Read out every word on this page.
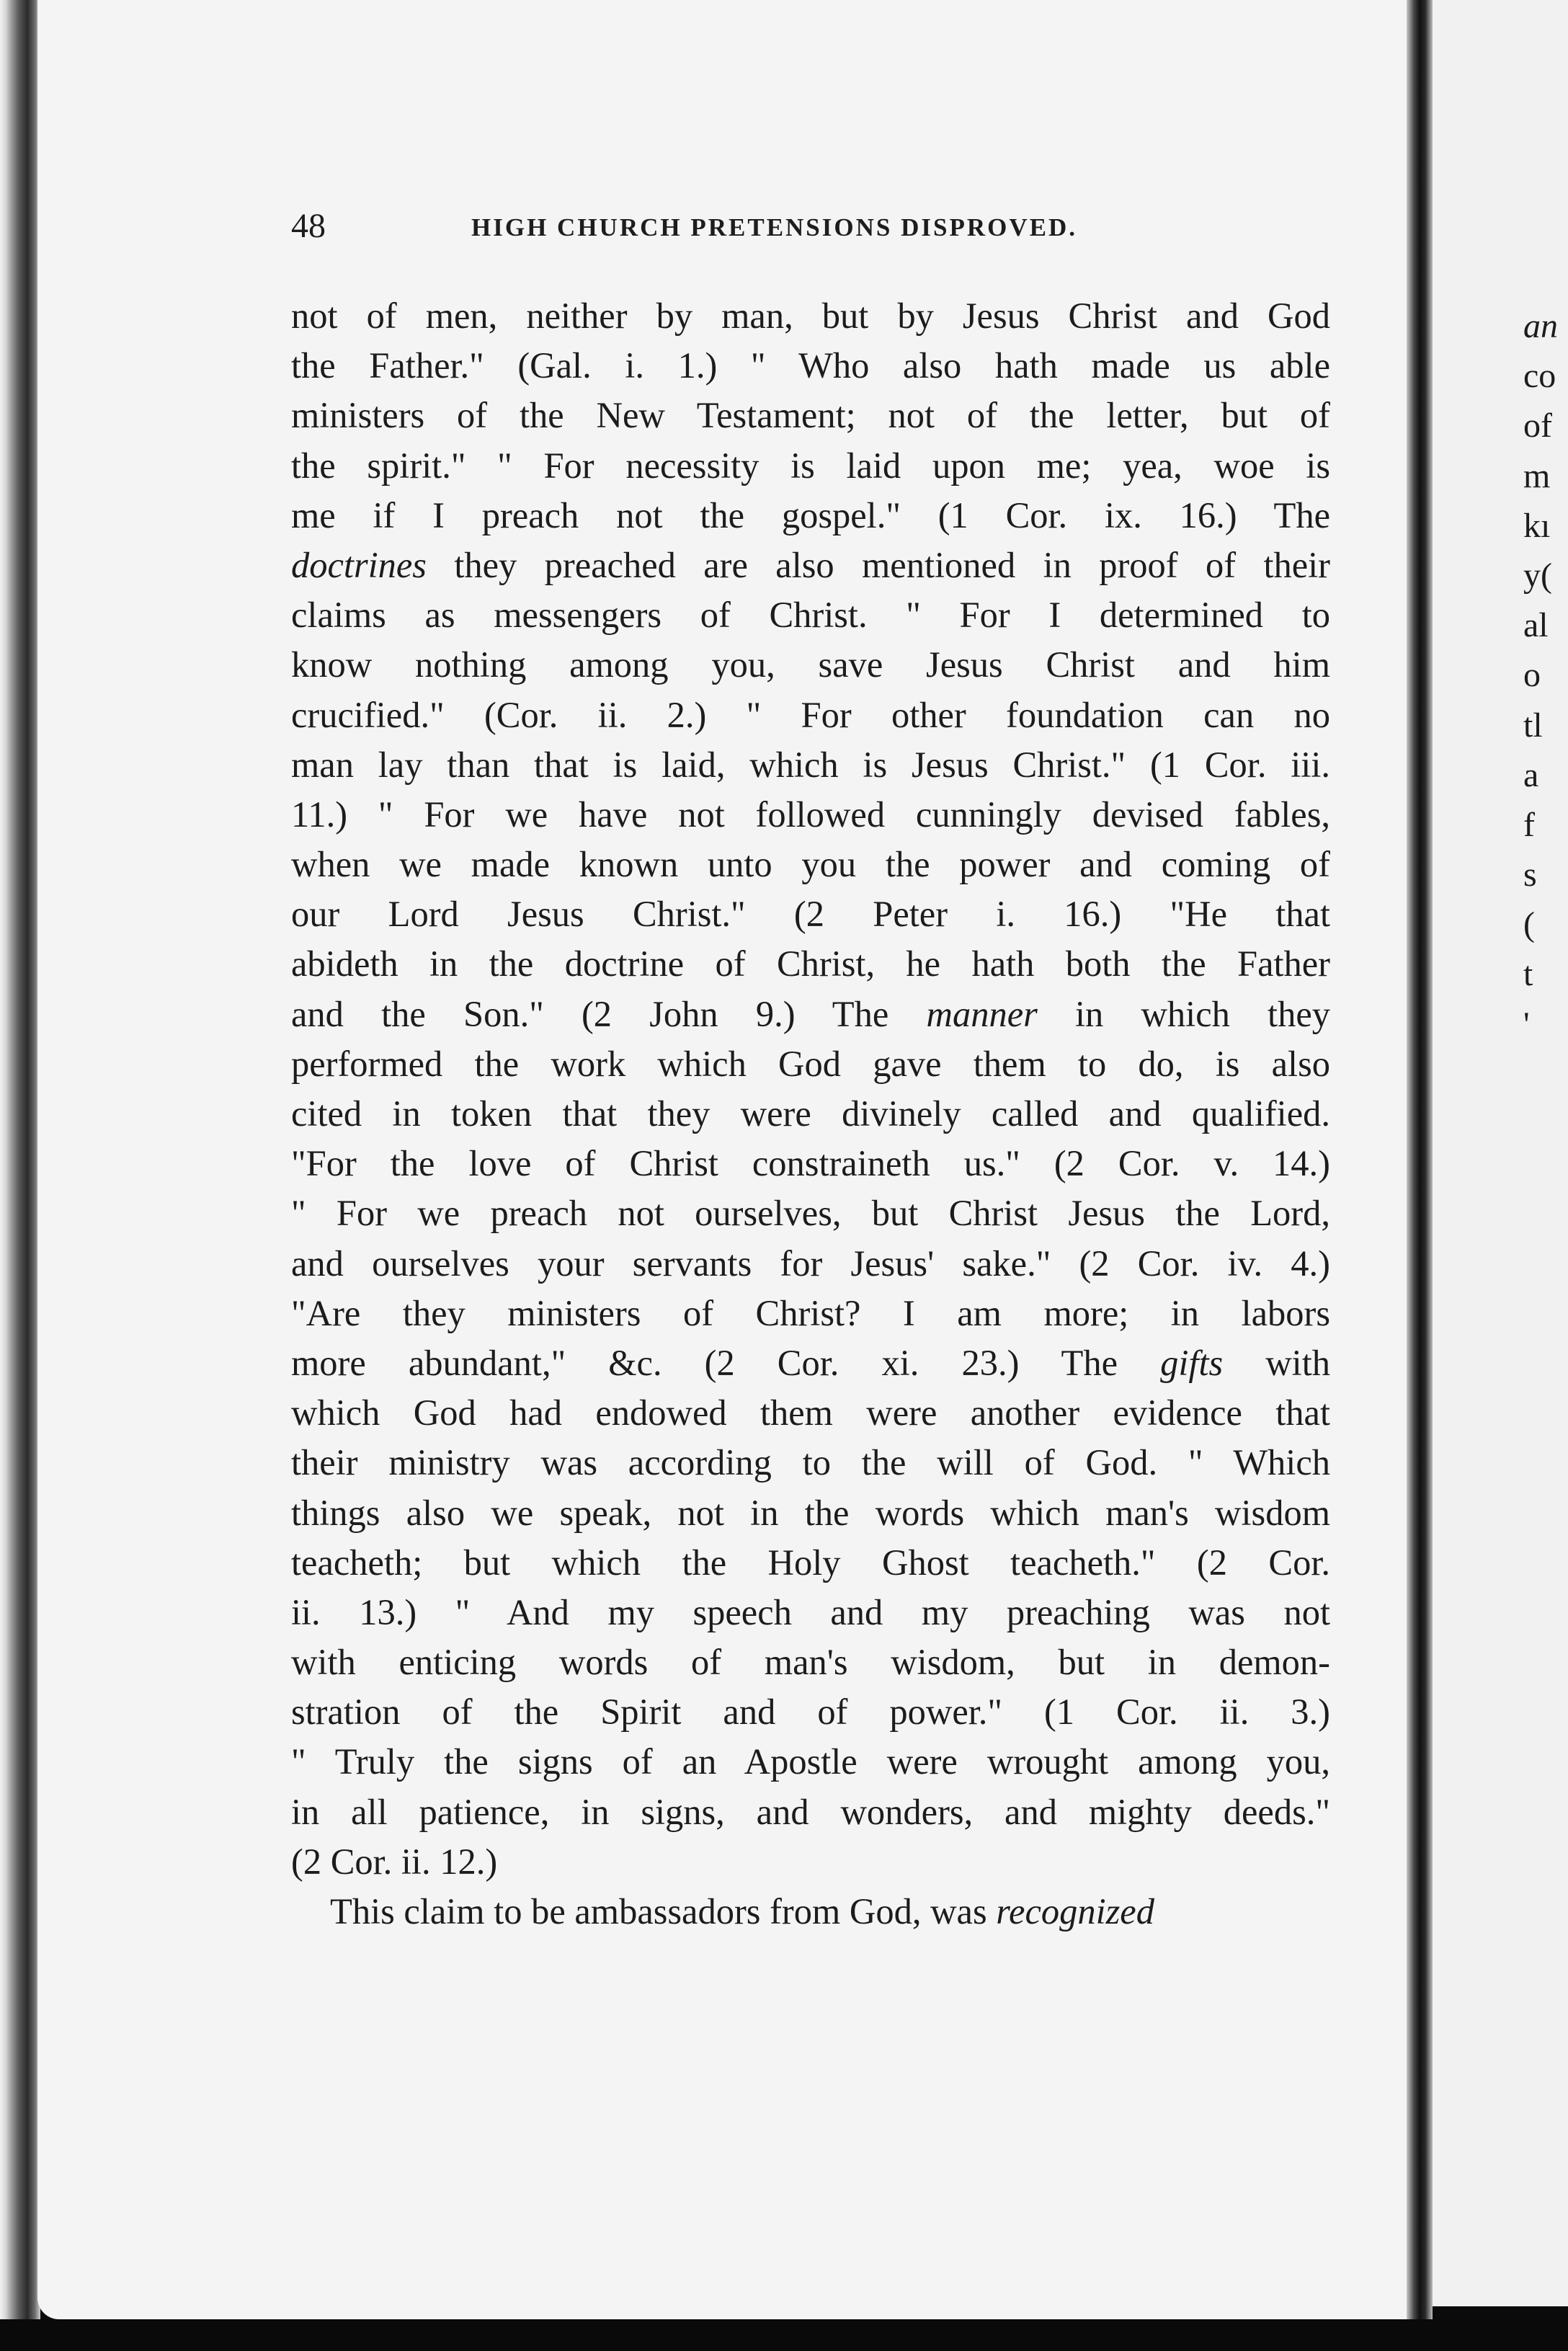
48	HIGH CHURCH PRETENSIONS DISPROVED.
not of men, neither by man, but by Jesus Christ and God
the Father." (Gal. i. 1.) " Who also hath made us able
ministers of the New Testament; not of the letter, but of
the spirit." " For necessity is laid upon me; yea, woe is
me if I preach not the gospel." (1 Cor. ix. 16.) The
doctrines they preached are also mentioned in proof of their
claims as messengers of Christ. " For I determined to
know nothing among you, save Jesus Christ and him
crucified." (Cor. ii. 2.) " For other foundation can no
man lay than that is laid, which is Jesus Christ." (1 Cor. iii.
11.) " For we have not followed cunningly devised fables,
when we made known unto you the power and coming of
our Lord Jesus Christ." (2 Peter i. 16.) "He that
abideth in the doctrine of Christ, he hath both the Father
and the Son." (2 John 9.) The manner in which they
performed the work which God gave them to do, is also
cited in token that they were divinely called and qualified.
"For the love of Christ constraineth us." (2 Cor. v. 14.)
" For we preach not ourselves, but Christ Jesus the Lord,
and ourselves your servants for Jesus' sake." (2 Cor. iv. 4.)
"Are they ministers of Christ? I am more; in labors
more abundant," &c. (2 Cor. xi. 23.) The gifts with
which God had endowed them were another evidence that
their ministry was according to the will of God. " Which
things also we speak, not in the words which man's wisdom
teacheth; but which the Holy Ghost teacheth." (2 Cor.
ii. 13.) " And my speech and my preaching was not
with enticing words of man's wisdom, but in demon-
stration of the Spirit and of power." (1 Cor. ii. 3.)
" Truly the signs of an Apostle were wrought among you,
in all patience, in signs, and wonders, and mighty deeds."
(2 Cor. ii. 12.)
This claim to be ambassadors from God, was recognized
an
co
of
m
kı
y(
al
o
tl
a
f
s
(
t
'
